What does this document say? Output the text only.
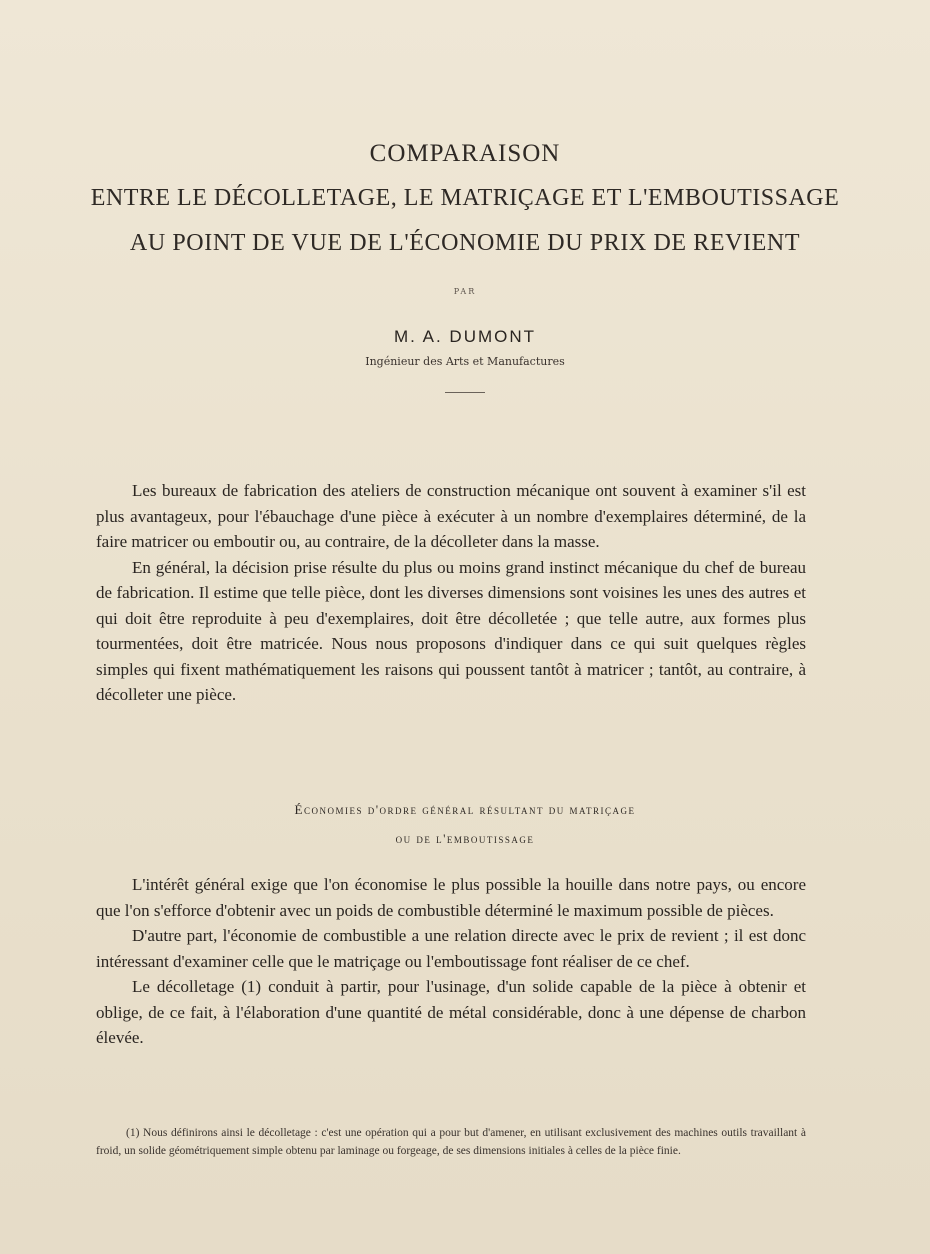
COMPARAISON
ENTRE LE DÉCOLLETAGE, LE MATRIÇAGE ET L'EMBOUTISSAGE
AU POINT DE VUE DE L'ÉCONOMIE DU PRIX DE REVIENT
PAR
M. A. DUMONT
Ingénieur des Arts et Manufactures

Les bureaux de fabrication des ateliers de construction mécanique ont souvent à examiner s'il est plus avantageux, pour l'ébauchage d'une pièce à exécuter à un nombre d'exemplaires déterminé, de la faire matricer ou emboutir ou, au contraire, de la décolleter dans la masse.

En général, la décision prise résulte du plus ou moins grand instinct mécanique du chef de bureau de fabrication. Il estime que telle pièce, dont les diverses dimensions sont voisines les unes des autres et qui doit être reproduite à peu d'exemplaires, doit être décolletée ; que telle autre, aux formes plus tourmentées, doit être matricée. Nous nous proposons d'indiquer dans ce qui suit quelques règles simples qui fixent mathématiquement les raisons qui poussent tantôt à matricer ; tantôt, au contraire, à décolleter une pièce.

Économies d'ordre général résultant du matriçage
ou de l'emboutissage

L'intérêt général exige que l'on économise le plus possible la houille dans notre pays, ou encore que l'on s'efforce d'obtenir avec un poids de combustible déterminé le maximum possible de pièces.

D'autre part, l'économie de combustible a une relation directe avec le prix de revient ; il est donc intéressant d'examiner celle que le matriçage ou l'emboutissage font réaliser de ce chef.

Le décolletage (1) conduit à partir, pour l'usinage, d'un solide capable de la pièce à obtenir et oblige, de ce fait, à l'élaboration d'une quantité de métal considérable, donc à une dépense de charbon élevée.

(1) Nous définirons ainsi le décolletage : c'est une opération qui a pour but d'amener, en utilisant exclusivement des machines outils travaillant à froid, un solide géométriquement simple obtenu par laminage ou forgeage, de ses dimensions initiales à celles de la pièce finie.
